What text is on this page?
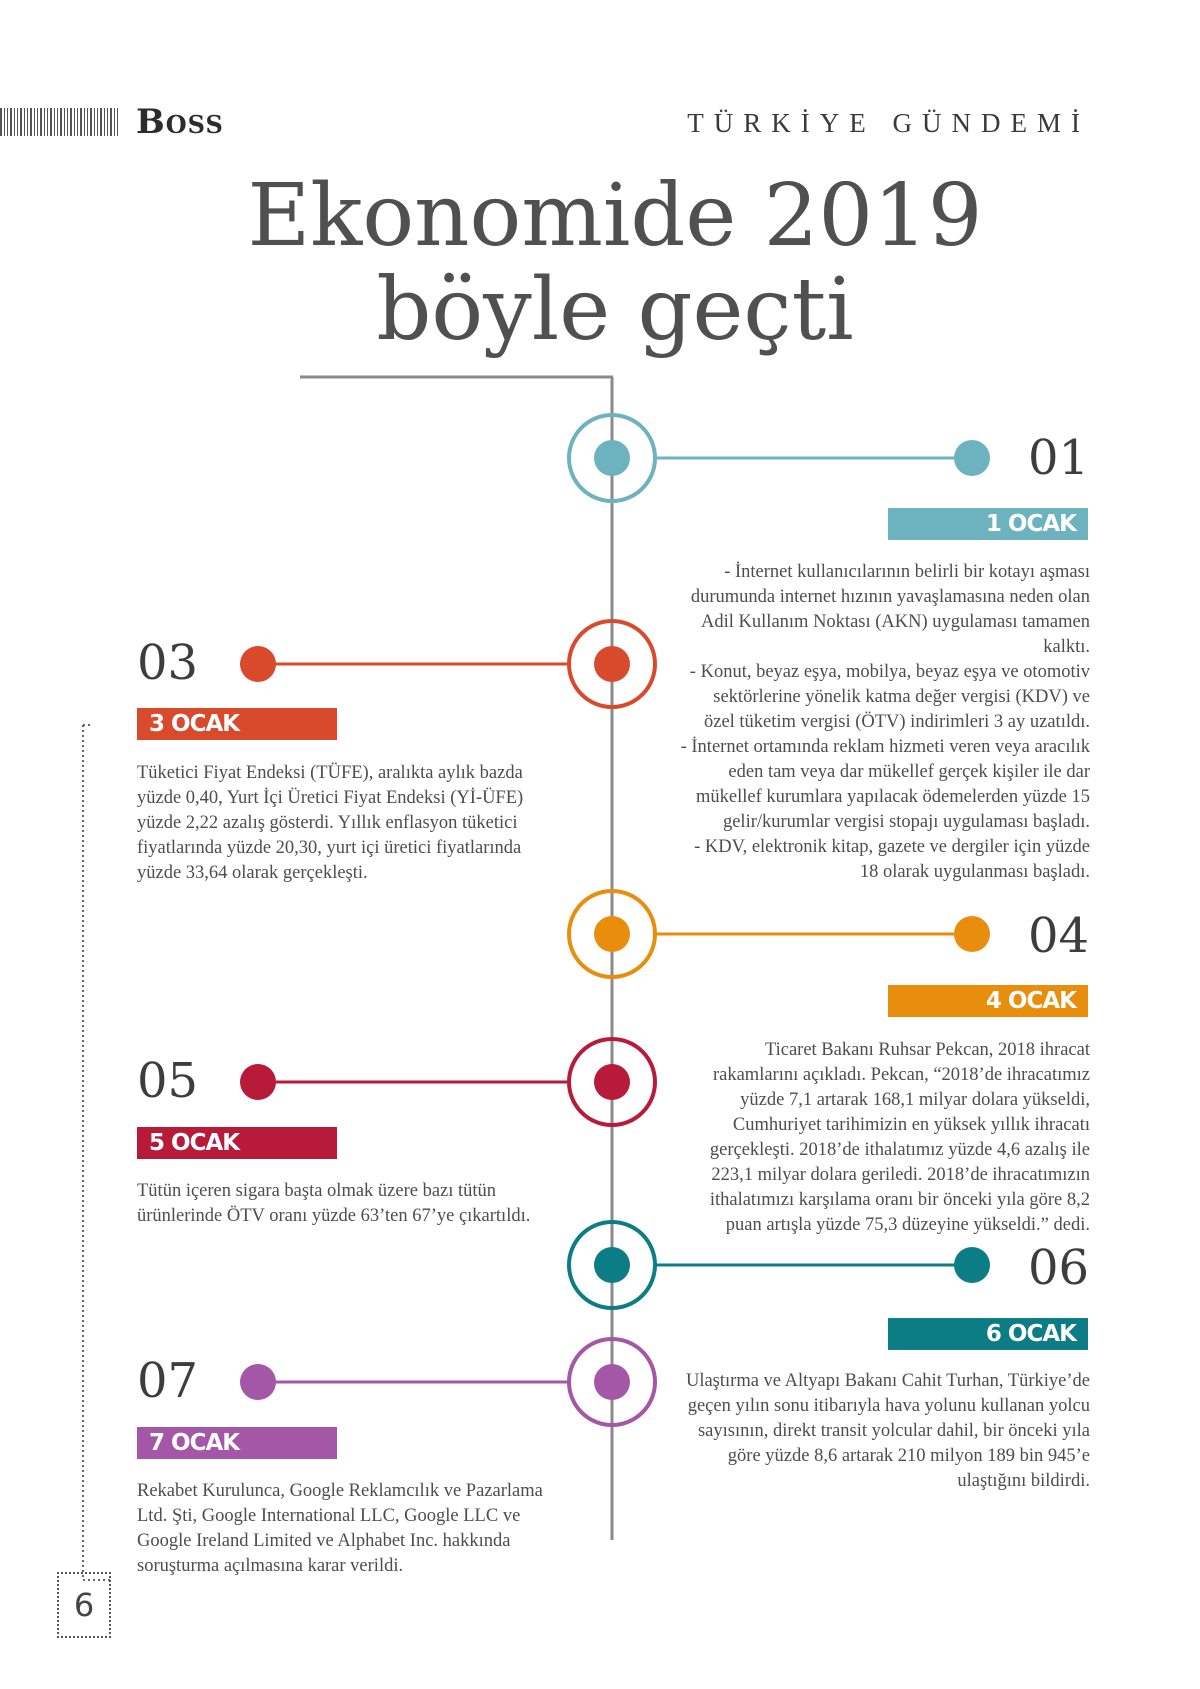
Boss	TÜRKİYE GÜNDEMİ
Ekonomide 2019
böyle geçti
01
1 OCAK

- İnternet kullanıcılarının belirli bir kotayı aşması durumunda internet hızının yavaşlamasına neden olan Adil Kullanım Noktası (AKN) uygulaması tamamen kalktı.

- Konut, beyaz eşya, mobilya, beyaz eşya ve otomotiv sektörlerine yönelik katma değer vergisi (KDV) ve özel tüketim vergisi (ÖTV) indirimleri 3 ay uzatıldı.

- İnternet ortamında reklam hizmeti veren veya aracılık eden tam veya dar mükellef gerçek kişiler ile dar mükellef kurumlara yapılacak ödemelerden yüzde 15 gelir/kurumlar vergisi stopajı uygulaması başladı.

- KDV, elektronik kitap, gazete ve dergiler için yüzde 18 olarak uygulanması başladı.

03
3 OCAK

Tüketici Fiyat Endeksi (TÜFE), aralıkta aylık bazda yüzde 0,40, Yurt İçi Üretici Fiyat Endeksi (Yİ-ÜFE) yüzde 2,22 azalış gösterdi. Yıllık enflasyon tüketici fiyatlarında yüzde 20,30, yurt içi üretici fiyatlarında yüzde 33,64 olarak gerçekleşti.

04
4 OCAK

Ticaret Bakanı Ruhsar Pekcan, 2018 ihracat rakamlarını açıkladı. Pekcan, “2018’de ihracatımız yüzde 7,1 artarak 168,1 milyar dolara yükseldi, Cumhuriyet tarihimizin en yüksek yıllık ihracatı gerçekleşti. 2018’de ithalatımız yüzde 4,6 azalış ile 223,1 milyar dolara geriledi. 2018’de ihracatımızın ithalatımızı karşılama oranı bir önceki yıla göre 8,2 puan artışla yüzde 75,3 düzeyine yükseldi.” dedi.

05
5 OCAK

Tütün içeren sigara başta olmak üzere bazı tütün ürünlerinde ÖTV oranı yüzde 63’ten 67’ye çıkartıldı.

06
6 OCAK

Ulaştırma ve Altyapı Bakanı Cahit Turhan, Türkiye’de geçen yılın sonu itibarıyla hava yolunu kullanan yolcu sayısının, direkt transit yolcular dahil, bir önceki yıla göre yüzde 8,6 artarak 210 milyon 189 bin 945’e ulaştığını bildirdi.

07
7 OCAK

Rekabet Kurulunca, Google Reklamcılık ve Pazarlama Ltd. Şti, Google International LLC, Google LLC ve Google Ireland Limited ve Alphabet Inc. hakkında soruşturma açılmasına karar verildi.

6
